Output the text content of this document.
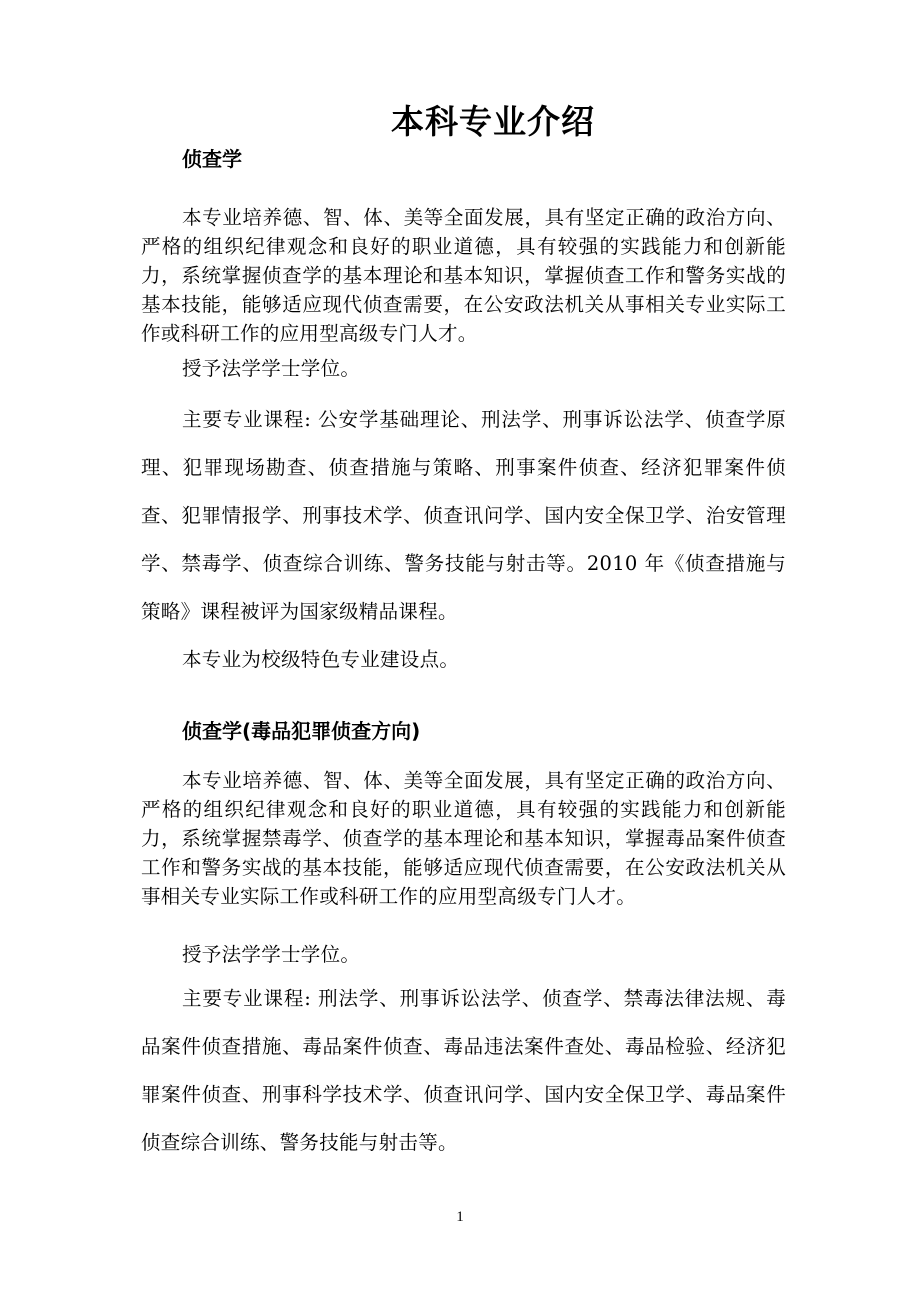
本科专业介绍
侦查学

本专业培养德、智、体、美等全面发展，具有坚定正确的政治方向、严格的组织纪律观念和良好的职业道德，具有较强的实践能力和创新能力，系统掌握侦查学的基本理论和基本知识，掌握侦查工作和警务实战的基本技能，能够适应现代侦查需要，在公安政法机关从事相关专业实际工作或科研工作的应用型高级专门人才。

授予法学学士学位。

主要专业课程: 公安学基础理论、刑法学、刑事诉讼法学、侦查学原理、犯罪现场勘查、侦查措施与策略、刑事案件侦查、经济犯罪案件侦查、犯罪情报学、刑事技术学、侦查讯问学、国内安全保卫学、治安管理学、禁毒学、侦查综合训练、警务技能与射击等。2010 年《侦查措施与策略》课程被评为国家级精品课程。

本专业为校级特色专业建设点。

侦查学(毒品犯罪侦查方向)

本专业培养德、智、体、美等全面发展，具有坚定正确的政治方向、严格的组织纪律观念和良好的职业道德，具有较强的实践能力和创新能力，系统掌握禁毒学、侦查学的基本理论和基本知识，掌握毒品案件侦查工作和警务实战的基本技能，能够适应现代侦查需要，在公安政法机关从事相关专业实际工作或科研工作的应用型高级专门人才。

授予法学学士学位。

主要专业课程: 刑法学、刑事诉讼法学、侦查学、禁毒法律法规、毒品案件侦查措施、毒品案件侦查、毒品违法案件查处、毒品检验、经济犯罪案件侦查、刑事科学技术学、侦查讯问学、国内安全保卫学、毒品案件侦查综合训练、警务技能与射击等。

1
